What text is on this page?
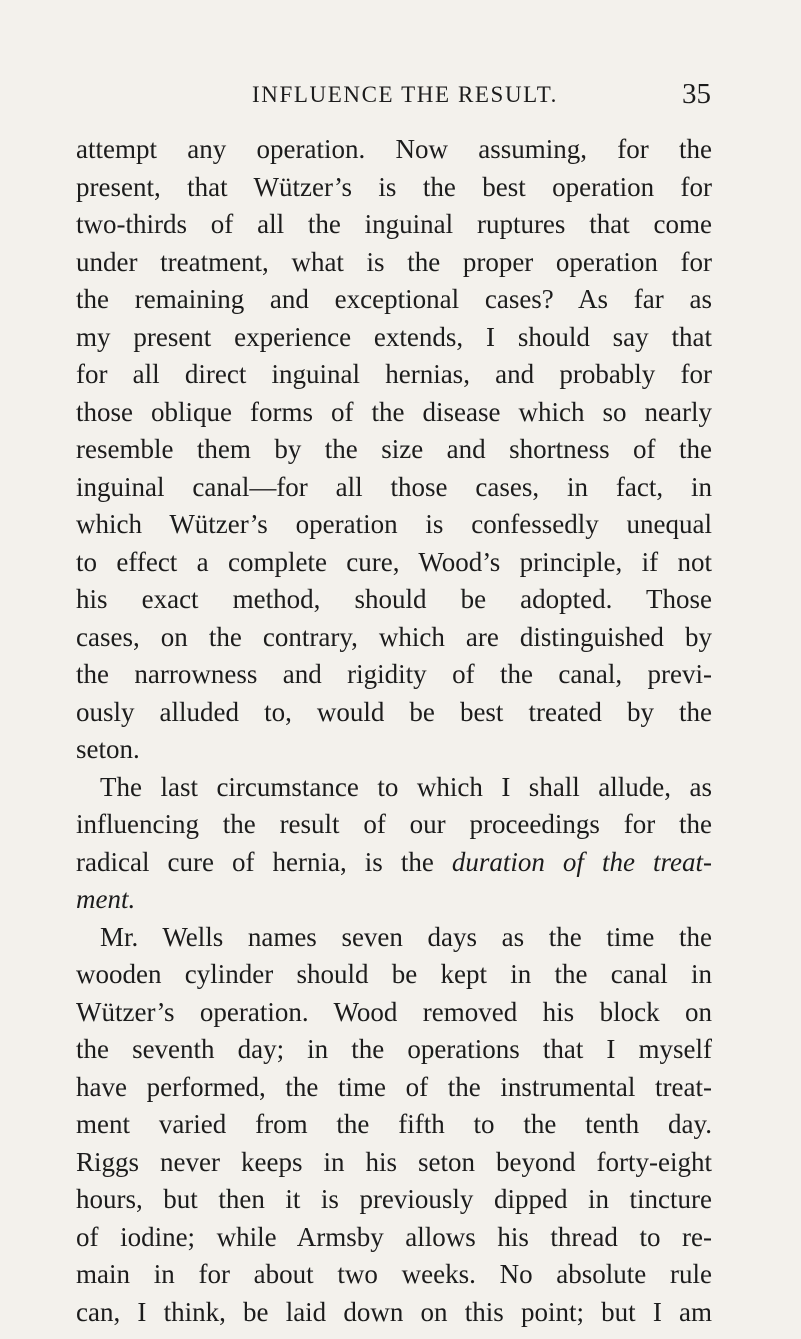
INFLUENCE THE RESULT.	35
attempt any operation. Now assuming, for the
present, that Wützer’s is the best operation for
two-thirds of all the inguinal ruptures that come
under treatment, what is the proper operation for
the remaining and exceptional cases? As far as
my present experience extends, I should say that
for all direct inguinal hernias, and probably for
those oblique forms of the disease which so nearly
resemble them by the size and shortness of the
inguinal canal—for all those cases, in fact, in
which Wützer’s operation is confessedly unequal
to effect a complete cure, Wood’s principle, if not
his exact method, should be adopted. Those
cases, on the contrary, which are distinguished by
the narrowness and rigidity of the canal, previ-
ously alluded to, would be best treated by the
seton.
The last circumstance to which I shall allude, as
influencing the result of our proceedings for the
radical cure of hernia, is the duration of the treat-
ment.
Mr. Wells names seven days as the time the
wooden cylinder should be kept in the canal in
Wützer’s operation. Wood removed his block on
the seventh day; in the operations that I myself
have performed, the time of the instrumental treat-
ment varied from the fifth to the tenth day.
Riggs never keeps in his seton beyond forty-eight
hours, but then it is previously dipped in tincture
of iodine; while Armsby allows his thread to re-
main in for about two weeks. No absolute rule
can, I think, be laid down on this point; but I am
